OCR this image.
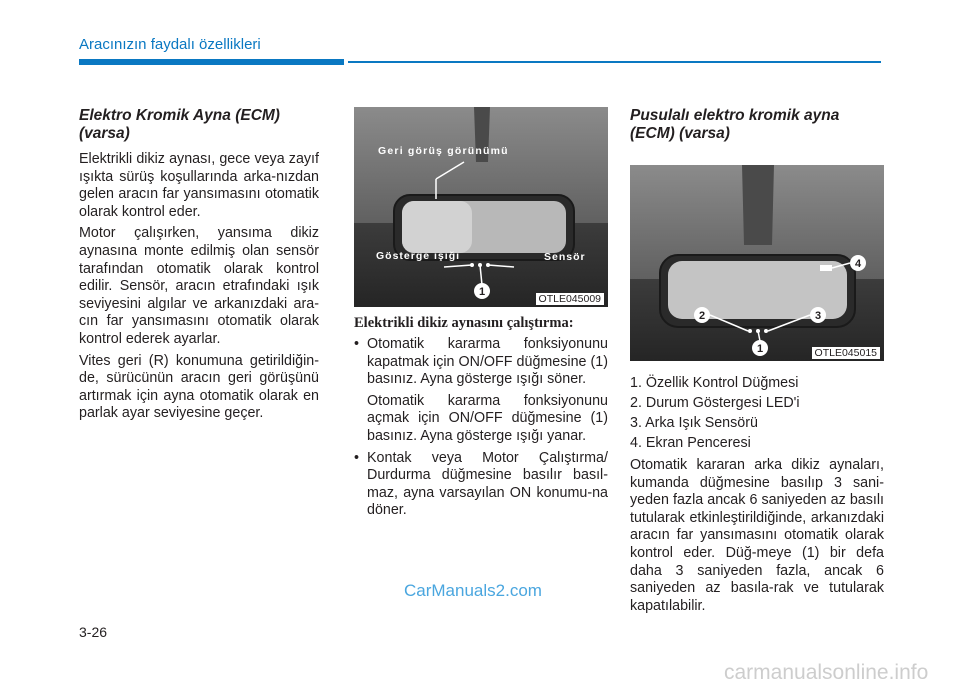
Aracınızın faydalı özellikleri
Elektro Kromik Ayna (ECM) (varsa)

Elektrikli dikiz aynası, gece veya zayıf ışıkta sürüş koşullarında arka-nızdan gelen aracın far yansımasını otomatik olarak kontrol eder.

Motor çalışırken, yansıma dikiz aynasına monte edilmiş olan sensör tarafından otomatik olarak kontrol edilir. Sensör, aracın etrafındaki ışık seviyesini algılar ve arkanızdaki ara-cın far yansımasını otomatik olarak kontrol ederek ayarlar.

Vites geri (R) konumuna getirildiğin-de, sürücünün aracın geri görüşünü artırmak için ayna otomatik olarak en parlak ayar seviyesine geçer.

1
Geri görüş görünümü
Gösterge ışığı	Sensör
OTLE045009
Elektrikli dikiz aynasını çalıştırma:
• Otomatik kararma fonksiyonunu kapatmak için ON/OFF düğmesine (1) basınız. Ayna gösterge ışığı söner.
Otomatik kararma fonksiyonunu açmak için ON/OFF düğmesine (1) basınız. Ayna gösterge ışığı yanar.
• Kontak veya Motor Çalıştırma/ Durdurma düğmesine basılır basıl-maz, ayna varsayılan ON konumu-na döner.
Pusulalı elektro kromik ayna (ECM) (varsa)
4
2	3
1	OTLE045015
1. Özellik Kontrol Düğmesi
2. Durum Göstergesi LED'i
3. Arka Işık Sensörü
4. Ekran Penceresi

Otomatik kararan arka dikiz aynaları, kumanda düğmesine basılıp 3 sani-yeden fazla ancak 6 saniyeden az basılı tutularak etkinleştirildiğinde, arkanızdaki aracın far yansımasını otomatik olarak kontrol eder. Düğ-meye (1) bir defa daha 3 saniyeden fazla, ancak 6 saniyeden az basıla-rak ve tutularak kapatılabilir.

CarManuals2.com
3-26
carmanualsonline.info
